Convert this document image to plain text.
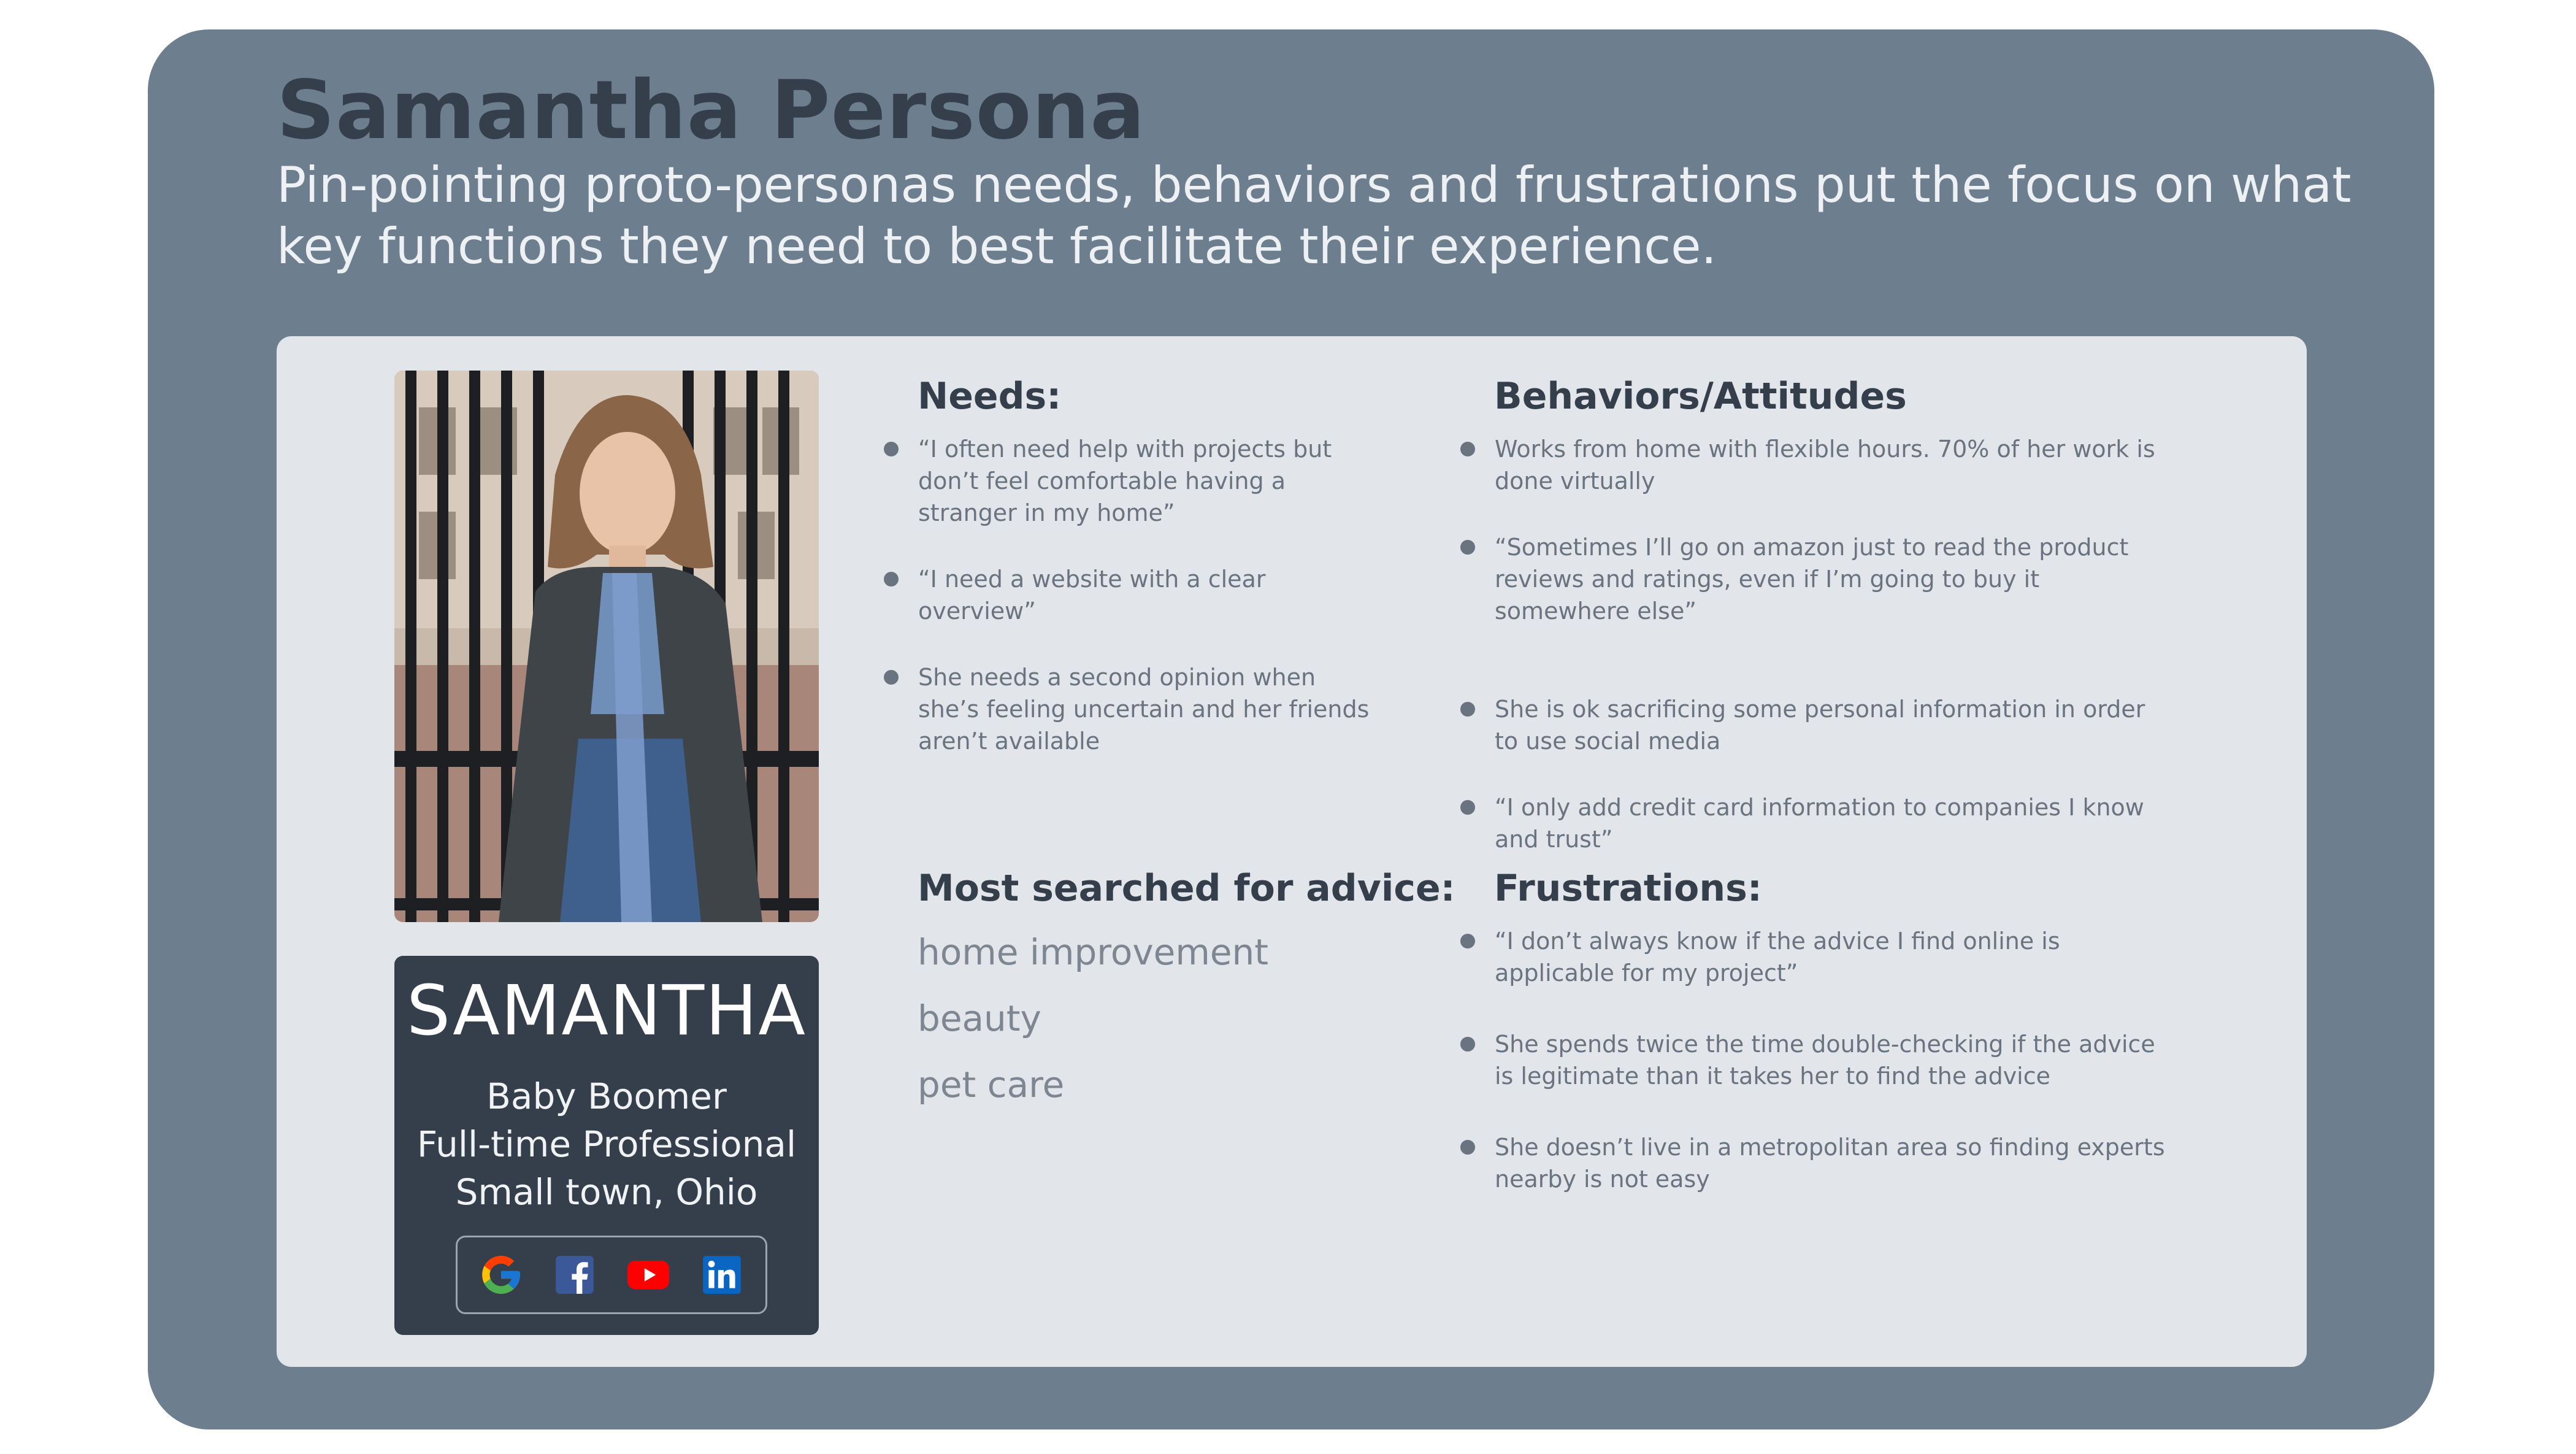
Samantha Persona

Pin-pointing proto-personas needs, behaviors and frustrations put the focus on what key functions they need to best facilitate their experience.

SAMANTHA
Baby Boomer
Full-time Professional
Small town, Ohio
Needs:
“I often need help with projects but don’t feel comfortable having a stranger in my home”
“I need a website with a clear overview”
She needs a second opinion when she’s feeling uncertain and her friends aren’t available
Most searched for advice:
home improvement
beauty
pet care
Behaviors/Attitudes
Works from home with flexible hours. 70% of her work is done virtually
“Sometimes I’ll go on amazon just to read the product reviews and ratings, even if I’m going to buy it somewhere else”
She is ok sacrificing some personal information in order to use social media
“I only add credit card information to companies I know and trust”
Frustrations:
“I don’t always know if the advice I find online is applicable for my project”
She spends twice the time double-checking if the advice is legitimate than it takes her to find the advice
She doesn’t live in a metropolitan area so finding experts nearby is not easy
